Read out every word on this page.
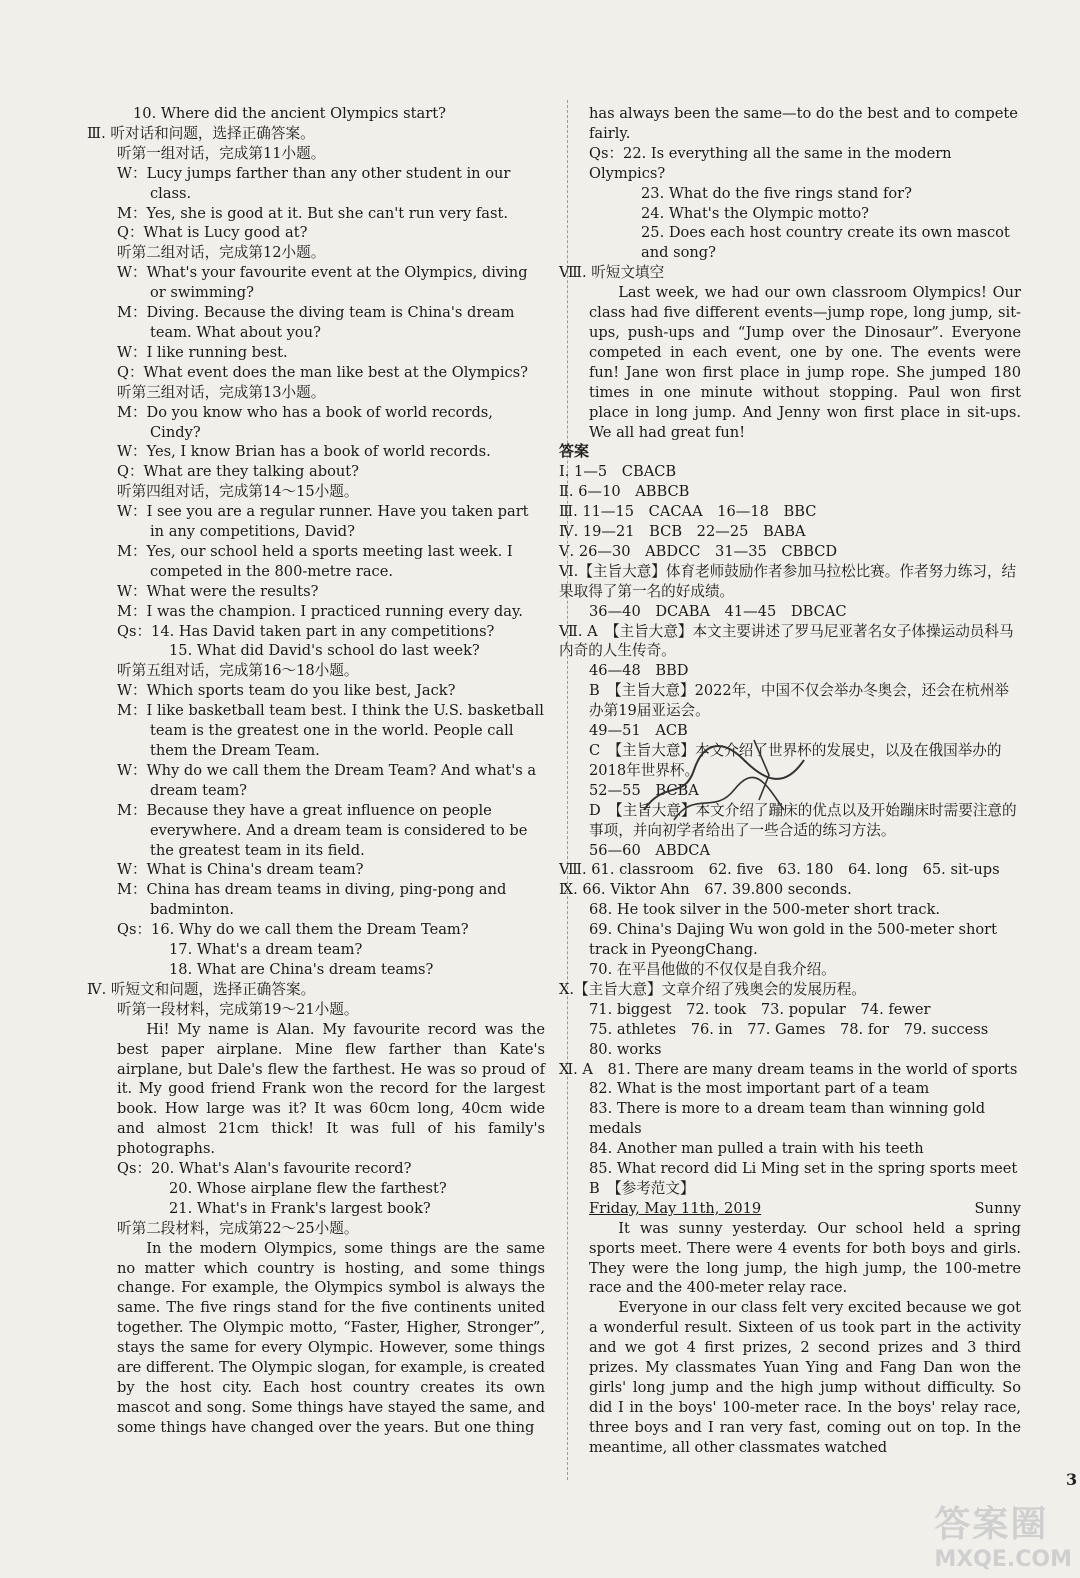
10. Where did the ancient Olympics start?

Ⅲ. 听对话和问题，选择正确答案。

听第一组对话，完成第11小题。

W：Lucy jumps farther than any other student in our class.

M：Yes, she is good at it. But she can't run very fast.

Q：What is Lucy good at?

听第二组对话，完成第12小题。

W：What's your favourite event at the Olympics, diving or swimming?

M：Diving. Because the diving team is China's dream team. What about you?

W：I like running best.

Q：What event does the man like best at the Olympics?

听第三组对话，完成第13小题。

M：Do you know who has a book of world records, Cindy?

W：Yes, I know Brian has a book of world records.

Q：What are they talking about?

听第四组对话，完成第14～15小题。

W：I see you are a regular runner. Have you taken part in any competitions, David?

M：Yes, our school held a sports meeting last week. I competed in the 800-metre race.

W：What were the results?

M：I was the champion. I practiced running every day.

Qs：14. Has David taken part in any competitions?

15. What did David's school do last week?

听第五组对话，完成第16～18小题。

W：Which sports team do you like best, Jack?

M：I like basketball team best. I think the U.S. basketball team is the greatest one in the world. People call them the Dream Team.

W：Why do we call them the Dream Team? And what's a dream team?

M：Because they have a great influence on people everywhere. And a dream team is considered to be the greatest team in its field.

W：What is China's dream team?

M：China has dream teams in diving, ping-pong and badminton.

Qs：16. Why do we call them the Dream Team?

17. What's a dream team?

18. What are China's dream teams?

Ⅳ. 听短文和问题，选择正确答案。

听第一段材料，完成第19～21小题。

Hi! My name is Alan. My favourite record was the best paper airplane. Mine flew farther than Kate's airplane, but Dale's flew the farthest. He was so proud of it. My good friend Frank won the record for the largest book. How large was it? It was 60cm long, 40cm wide and almost 21cm thick! It was full of his family's photographs.

Qs：20. What's Alan's favourite record?

20. Whose airplane flew the farthest?

21. What's in Frank's largest book?

听第二段材料，完成第22～25小题。

In the modern Olympics, some things are the same no matter which country is hosting, and some things change. For example, the Olympics symbol is always the same. The five rings stand for the five continents united together. The Olympic motto, “Faster, Higher, Stronger”, stays the same for every Olympic. However, some things are different. The Olympic slogan, for example, is created by the host city. Each host country creates its own mascot and song. Some things have stayed the same, and some things have changed over the years. But one thing

has always been the same—to do the best and to compete fairly.

Qs：22. Is everything all the same in the modern Olympics?

23. What do the five rings stand for?

24. What's the Olympic motto?

25. Does each host country create its own mascot and song?

Ⅷ. 听短文填空

Last week, we had our own classroom Olympics! Our class had five different events—jump rope, long jump, sit-ups, push-ups and “Jump over the Dinosaur”. Everyone competed in each event, one by one. The events were fun! Jane won first place in jump rope. She jumped 180 times in one minute without stopping. Paul won first place in long jump. And Jenny won first place in sit-ups. We all had great fun!

答案

Ⅰ. 1—5　CBACB

Ⅱ. 6—10　ABBCB

Ⅲ. 11—15　CACAA　16—18　BBC

Ⅳ. 19—21　BCB　22—25　BABA

Ⅴ. 26—30　ABDCC　31—35　CBBCD

Ⅵ.【主旨大意】体育老师鼓励作者参加马拉松比赛。作者努力练习，结果取得了第一名的好成绩。

36—40　DCABA　41—45　DBCAC

Ⅶ. A　【主旨大意】本文主要讲述了罗马尼亚著名女子体操运动员科马内奇的人生传奇。

46—48　BBD

B　【主旨大意】2022年，中国不仅会举办冬奥会，还会在杭州举办第19届亚运会。

49—51　ACB

C　【主旨大意】本文介绍了世界杯的发展史，以及在俄国举办的2018年世界杯。

52—55　BCBA

D　【主旨大意】本文介绍了蹦床的优点以及开始蹦床时需要注意的事项，并向初学者给出了一些合适的练习方法。

56—60　ABDCA

Ⅷ. 61. classroom　62. five　63. 180　64. long　65. sit-ups

Ⅸ. 66. Viktor Ahn　67. 39.800 seconds.

68. He took silver in the 500-meter short track.

69. China's Dajing Wu won gold in the 500-meter short track in PyeongChang.

70. 在平昌他做的不仅仅是自我介绍。

Ⅹ.【主旨大意】文章介绍了残奥会的发展历程。

71. biggest　72. took　73. popular　74. fewer

75. athletes　76. in　77. Games　78. for　79. success

80. works

Ⅺ. A　81. There are many dream teams in the world of sports

82. What is the most important part of a team

83. There is more to a dream team than winning gold medals

84. Another man pulled a train with his teeth

85. What record did Li Ming set in the spring sports meet

B　【参考范文】

Friday, May 11th, 2019	Sunny

It was sunny yesterday. Our school held a spring sports meet. There were 4 events for both boys and girls. They were the long jump, the high jump, the 100-metre race and the 400-meter relay race.

Everyone in our class felt very excited because we got a wonderful result. Sixteen of us took part in the activity and we got 4 first prizes, 2 second prizes and 3 third prizes. My classmates Yuan Ying and Fang Dan won the girls' long jump and the high jump without difficulty. So did I in the boys' 100-meter race. In the boys' relay race, three boys and I ran very fast, coming out on top. In the meantime, all other classmates watched

3
答案圈
MXQE.COM
